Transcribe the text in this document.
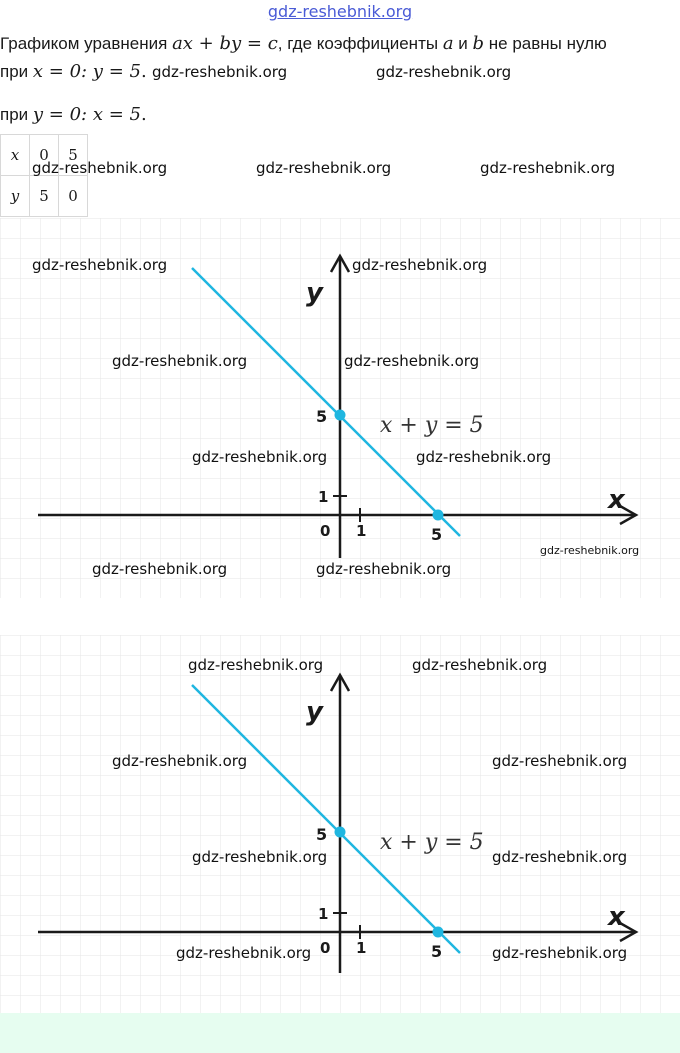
gdz-reshebnik.org
Графиком уравнения ax + by = c, где коэффициенты a и b не равны нулю
при x = 0: y = 5.
при y = 0: x = 5.
x	0	5
y	5	0
y
x
5
1
0 1	5
x + y = 5
y
x
5
1
0 1	5
x + y = 5
gdz-reshebnik.org	gdz-reshebnik.org
gdz-reshebnik.org	gdz-reshebnik.org	gdz-reshebnik.org
gdz-reshebnik.org	gdz-reshebnik.org
gdz-reshebnik.org	gdz-reshebnik.org
gdz-reshebnik.org	gdz-reshebnik.org
gdz-reshebnik.org
gdz-reshebnik.org	gdz-reshebnik.org
gdz-reshebnik.org	gdz-reshebnik.org
gdz-reshebnik.org	gdz-reshebnik.org
gdz-reshebnik.org	gdz-reshebnik.org
gdz-reshebnik.org	gdz-reshebnik.org
